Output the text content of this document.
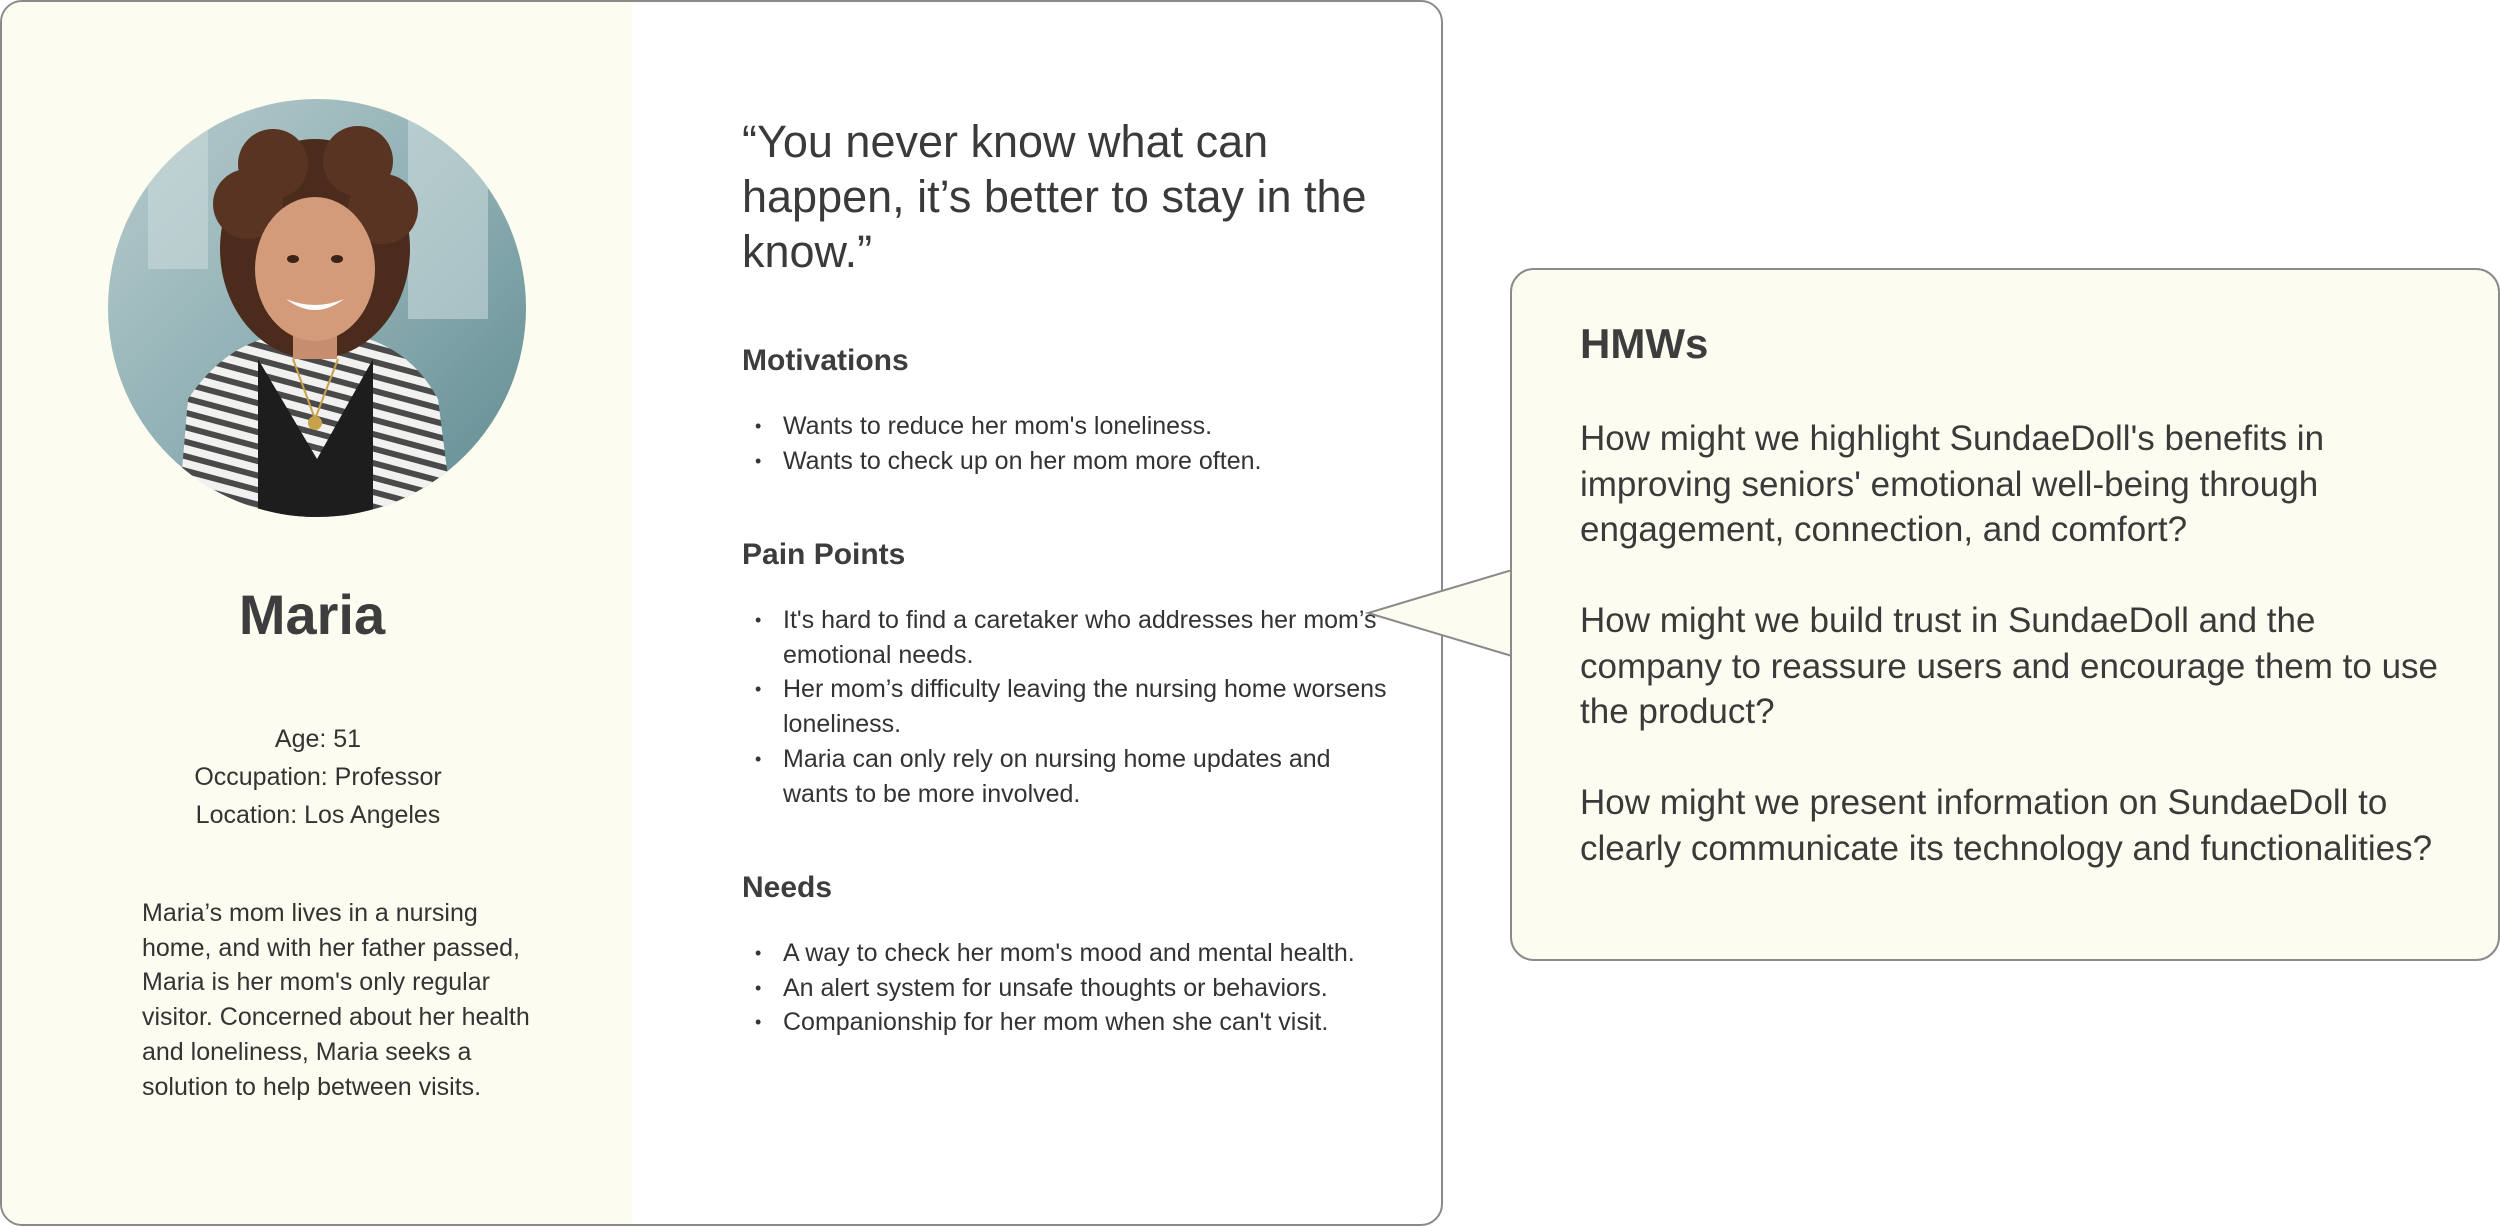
Maria
Age: 51
Occupation: Professor
Location: Los Angeles
Maria’s mom lives in a nursing home, and with her father passed, Maria is her mom's only regular visitor. Concerned about her health and loneliness, Maria seeks a solution to help between visits.
“You never know what can happen, it’s better to stay in the know.”
Motivations
• Wants to reduce her mom's loneliness.
• Wants to check up on her mom more often.
Pain Points
• It's hard to find a caretaker who addresses her mom’s emotional needs.
• Her mom’s difficulty leaving the nursing home worsens loneliness.
• Maria can only rely on nursing home updates and wants to be more involved.
Needs
• A way to check her mom's mood and mental health.
• An alert system for unsafe thoughts or behaviors.
• Companionship for her mom when she can't visit.
HMWs
How might we highlight SundaeDoll's benefits in improving seniors' emotional well-being through engagement, connection, and comfort?
How might we build trust in SundaeDoll and the company to reassure users and encourage them to use the product?
How might we present information on SundaeDoll to clearly communicate its technology and functionalities?
